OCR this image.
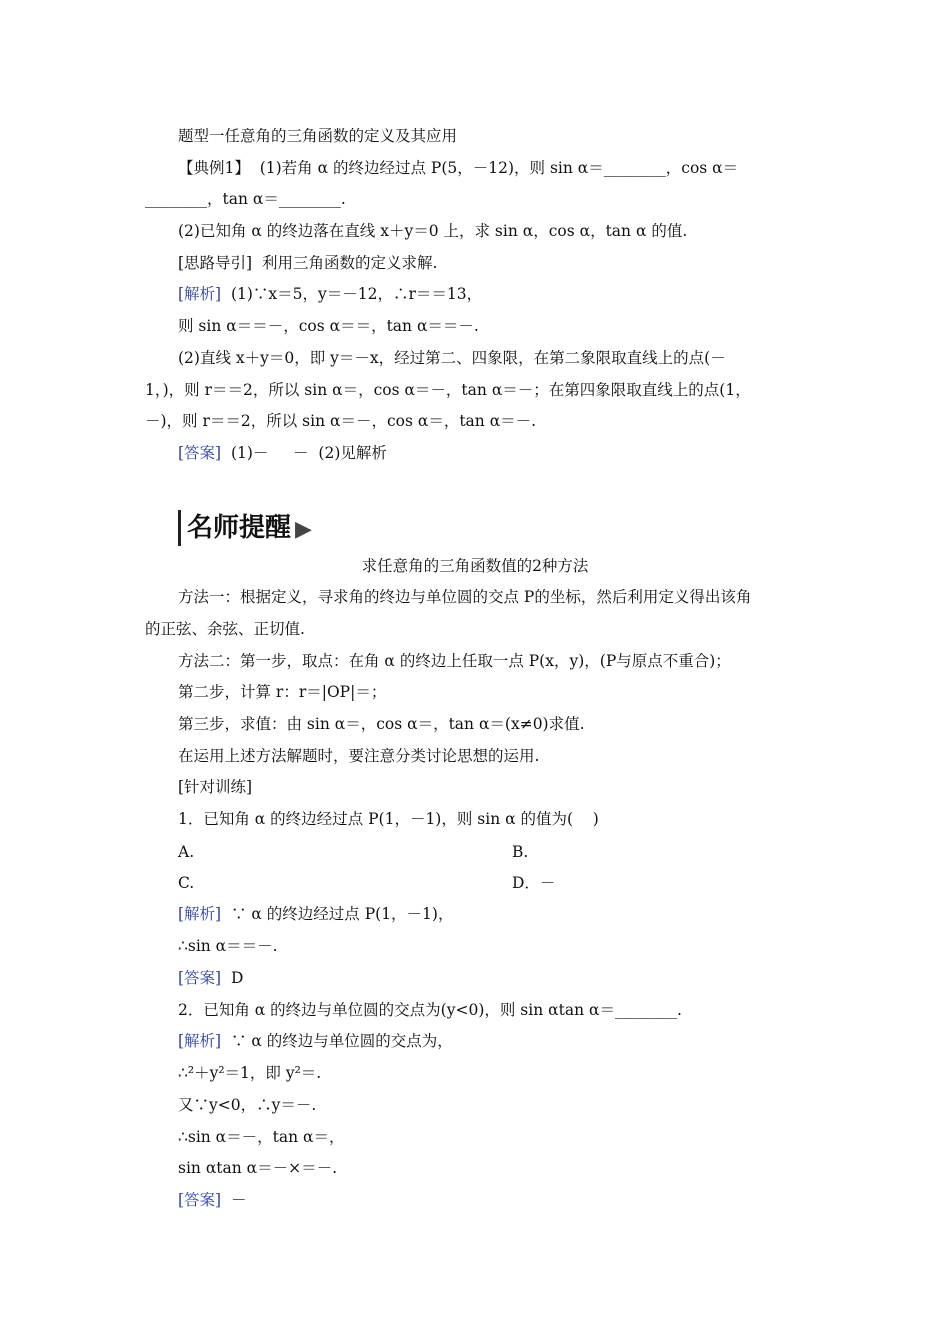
题型一任意角的三角函数的定义及其应用
【典例1】  (1)若角 α 的终边经过点 P(5，－12)，则 sin α＝________，cos α＝
________，tan α＝________.
(2)已知角 α 的终边落在直线 x＋y＝0 上，求 sin α，cos α，tan α 的值.
[思路导引]  利用三角函数的定义求解.
[解析]  (1)∵x＝5，y＝－12，∴r＝＝13，
则 sin α＝＝－，cos α＝＝，tan α＝＝－.
(2)直线 x＋y＝0，即 y＝－x，经过第二、四象限，在第二象限取直线上的点(－
1，)，则 r＝＝2，所以 sin α＝，cos α＝－，tan α＝－；在第四象限取直线上的点(1，
－)，则 r＝＝2，所以 sin α＝－，cos α＝，tan α＝－.
[答案]  (1)－     －  (2)见解析
名师提醒 ▶
求任意角的三角函数值的2种方法
方法一：根据定义，寻求角的终边与单位圆的交点 P的坐标，然后利用定义得出该角
的正弦、余弦、正切值.
方法二：第一步，取点：在角 α 的终边上任取一点 P(x，y)，(P与原点不重合)；
第二步，计算 r：r＝|OP|＝；
第三步，求值：由 sin α＝，cos α＝，tan α＝(x≠0)求值.
在运用上述方法解题时，要注意分类讨论思想的运用.
[针对训练]
1．已知角 α 的终边经过点 P(1，－1)，则 sin α 的值为(    )
A.	B.
C.	D．－
[解析]  ∵ α 的终边经过点 P(1，－1)，
∴sin α＝＝－.
[答案]  D
2．已知角 α 的终边与单位圆的交点为(y<0)，则 sin αtan α＝________.
[解析]  ∵ α 的终边与单位圆的交点为，
∴²＋y²＝1，即 y²＝.
又∵y<0，∴y＝－.
∴sin α＝－，tan α＝，
sin αtan α＝－×＝－.
[答案]  －
